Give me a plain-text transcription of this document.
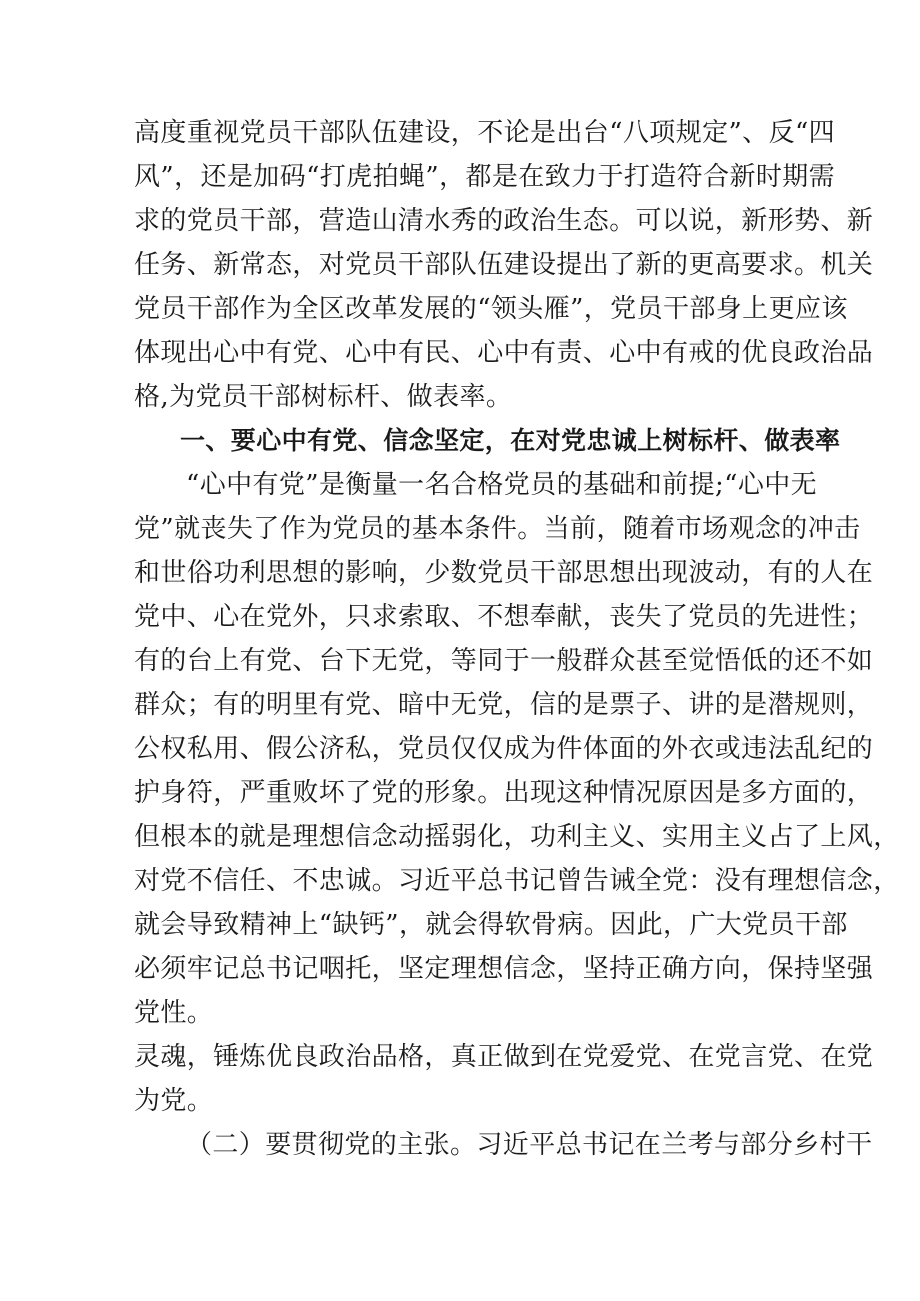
高度重视党员干部队伍建设，不论是出台“八项规定”、反“四
风”，还是加码“打虎拍蝇”，都是在致力于打造符合新时期需
求的党员干部，营造山清水秀的政治生态。可以说，新形势、新
任务、新常态，对党员干部队伍建设提出了新的更高要求。机关
党员干部作为全区改革发展的“领头雁”，党员干部身上更应该
体现出心中有党、心中有民、心中有责、心中有戒的优良政治品
格,为党员干部树标杆、做表率。
一、要心中有党、信念坚定，在对党忠诚上树标杆、做表率
“心中有党”是衡量一名合格党员的基础和前提;“心中无
党”就丧失了作为党员的基本条件。当前，随着市场观念的冲击
和世俗功利思想的影响，少数党员干部思想出现波动，有的人在
党中、心在党外，只求索取、不想奉献，丧失了党员的先进性；
有的台上有党、台下无党，等同于一般群众甚至觉悟低的还不如
群众；有的明里有党、暗中无党，信的是票子、讲的是潜规则，
公权私用、假公济私，党员仅仅成为件体面的外衣或违法乱纪的
护身符，严重败坏了党的形象。出现这种情况原因是多方面的，
但根本的就是理想信念动摇弱化，功利主义、实用主义占了上风，
对党不信任、不忠诚。习近平总书记曾告诫全党：没有理想信念，
就会导致精神上“缺钙”，就会得软骨病。因此，广大党员干部
必须牢记总书记咽托，坚定理想信念，坚持正确方向，保持坚强
党性。
灵魂，锤炼优良政治品格，真正做到在党爱党、在党言党、在党
为党。
（二）要贯彻党的主张。习近平总书记在兰考与部分乡村干
